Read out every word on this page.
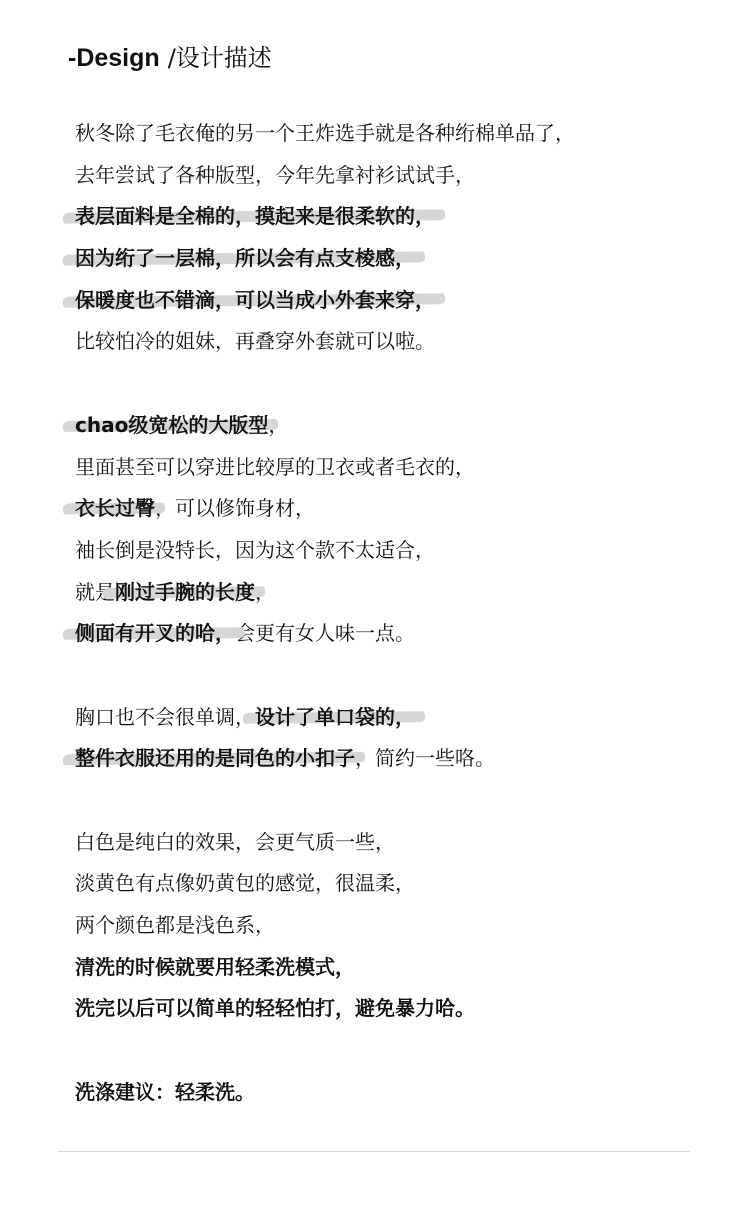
-Design /设计描述
秋冬除了毛衣俺的另一个王炸选手就是各种绗棉单品了，
去年尝试了各种版型，今年先拿衬衫试试手，
表层面料是全棉的，摸起来是很柔软的，
因为绗了一层棉，所以会有点支棱感，
保暖度也不错滴，可以当成小外套来穿，
比较怕冷的姐妹，再叠穿外套就可以啦。
chao级宽松的大版型，
里面甚至可以穿进比较厚的卫衣或者毛衣的，
衣长过臀，可以修饰身材，
袖长倒是没特长，因为这个款不太适合，
就是刚过手腕的长度，
侧面有开叉的哈，会更有女人味一点。
胸口也不会很单调，设计了单口袋的，
整件衣服还用的是同色的小扣子，简约一些咯。
白色是纯白的效果，会更气质一些，
淡黄色有点像奶黄包的感觉，很温柔，
两个颜色都是浅色系，
清洗的时候就要用轻柔洗模式，
洗完以后可以简单的轻轻怕打，避免暴力哈。
洗涤建议：轻柔洗。
